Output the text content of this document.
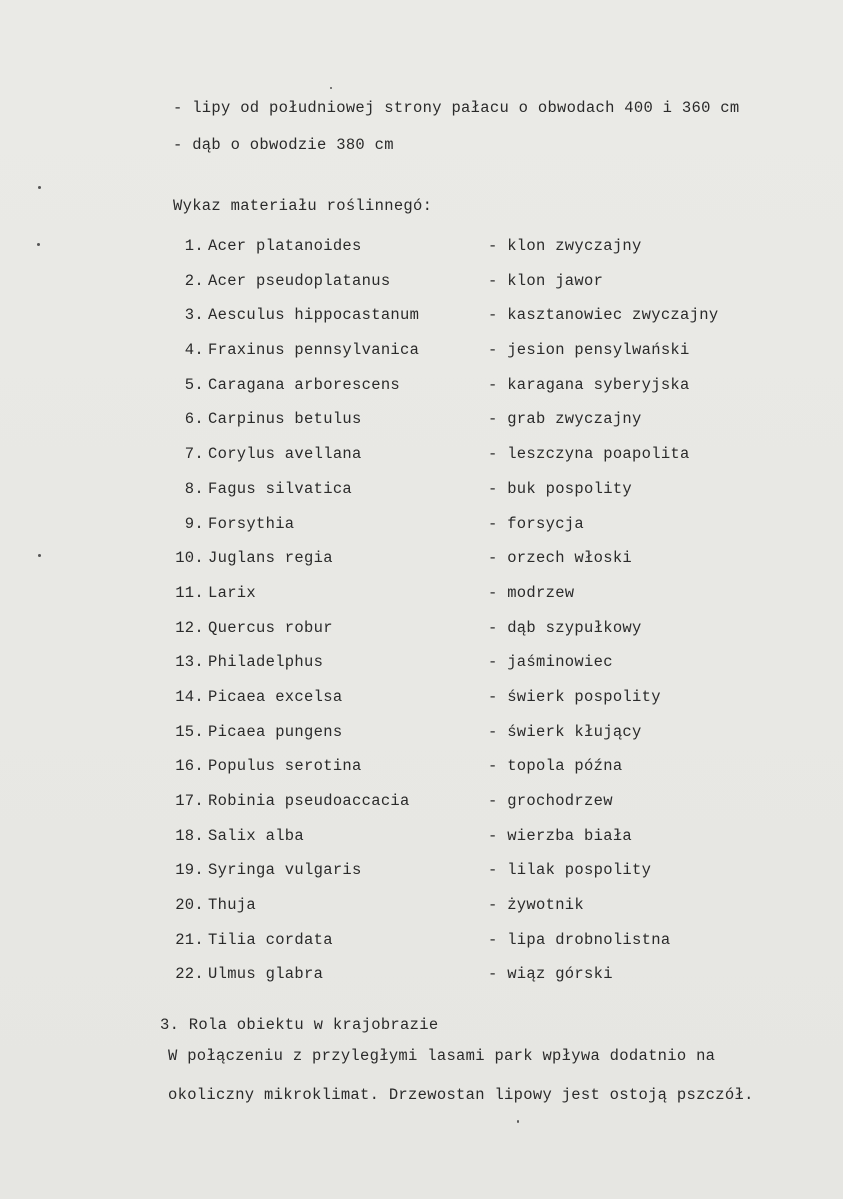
- lipy od południowej strony pałacu o obwodach 400 i 360 cm
- dąb o obwodzie 380 cm
Wykaz materiału roślinnegó:
1. Acer platanoides	- klon zwyczajny
2. Acer pseudoplatanus	- klon jawor
3. Aesculus hippocastanum	- kasztanowiec zwyczajny
4. Fraxinus pennsylvanica	- jesion pensylwański
5. Caragana arborescens	- karagana syberyjska
6. Carpinus betulus	- grab zwyczajny
7. Corylus avellana	- leszczyna poapolita
8. Fagus silvatica	- buk pospolity
9. Forsythia	- forsycja
10. Juglans regia	- orzech włoski
11. Larix	- modrzew
12. Quercus robur	- dąb szypułkowy
13. Philadelphus	- jaśminowiec
14. Picaea excelsa	- świerk pospolity
15. Picaea pungens	- świerk kłujący
16. Populus serotina	- topola późna
17. Robinia pseudoaccacia	- grochodrzew
18. Salix alba	- wierzba biała
19. Syringa vulgaris	- lilak pospolity
20. Thuja	- żywotnik
21. Tilia cordata	- lipa drobnolistna
22. Ulmus glabra	- wiąz górski
3. Rola obiektu w krajobrazie
W połączeniu z przyległymi lasami park wpływa dodatnio na
okoliczny mikroklimat. Drzewostan lipowy jest ostoją pszczół.
